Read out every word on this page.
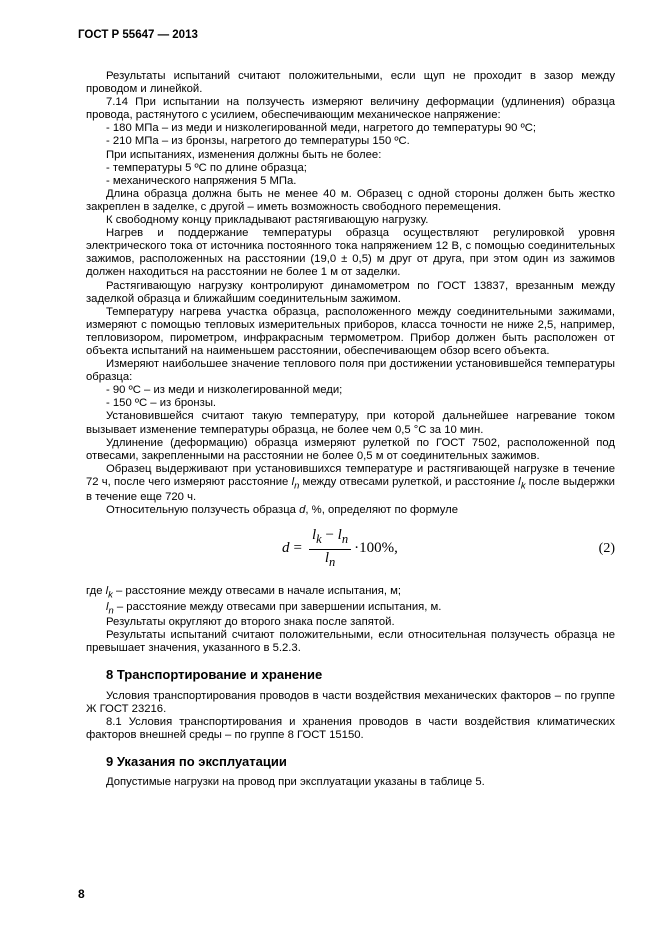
ГОСТ Р 55647 — 2013

Результаты испытаний считают положительными, если щуп не проходит в зазор между проводом и линейкой.

7.14 При испытании на ползучесть измеряют величину деформации (удлинения) образца провода, растянутого с усилием, обеспечивающим механическое напряжение:

- 180 МПа – из меди и низколегированной меди, нагретого до температуры 90 ºС;

- 210 МПа – из бронзы, нагретого до температуры 150 ºС.

При испытаниях, изменения должны быть не более:

- температуры 5 ºС по длине образца;

- механического напряжения 5 МПа.

Длина образца должна быть не менее 40 м. Образец с одной стороны должен быть жестко закреплен в заделке, с другой – иметь возможность свободного перемещения.

К свободному концу прикладывают растягивающую нагрузку.

Нагрев и поддержание температуры образца осуществляют регулировкой уровня электрического тока от источника постоянного тока напряжением 12 В, с помощью соединительных зажимов, расположенных на расстоянии (19,0 ± 0,5) м друг от друга, при этом один из зажимов должен находиться на расстоянии не более 1 м от заделки.

Растягивающую нагрузку контролируют динамометром по ГОСТ 13837, врезанным между заделкой образца и ближайшим соединительным зажимом.

Температуру нагрева участка образца, расположенного между соединительными зажимами, измеряют с помощью тепловых измерительных приборов, класса точности не ниже 2,5, например, тепловизором, пирометром, инфракрасным термометром. Прибор должен быть расположен от объекта испытаний на наименьшем расстоянии, обеспечивающем обзор всего объекта.

Измеряют наибольшее значение теплового поля при достижении установившейся температуры образца:

- 90 ºС – из меди и низколегированной меди;

- 150 ºС – из бронзы.

Установившейся считают такую температуру, при которой дальнейшее нагревание током вызывает изменение температуры образца, не более чем 0,5 °С за 10 мин.

Удлинение (деформацию) образца измеряют рулеткой по ГОСТ 7502, расположенной под отвесами, закрепленными на расстоянии не более 0,5 м от соединительных зажимов.

Образец выдерживают при установившихся температуре и растягивающей нагрузке в течение 72 ч, после чего измеряют расстояние $l_n$ между отвесами рулеткой, и расстояние $l_k$ после выдержки в течение еще 720 ч.

Относительную ползучесть образца d, %, определяют по формуле

$d = \frac{l_k - l_n}{l_n} \cdot 100\%$,	(2)

где $l_k$ – расстояние между отвесами в начале испытания, м;

$l_n$ – расстояние между отвесами при завершении испытания, м.

Результаты округляют до второго знака после запятой.

Результаты испытаний считают положительными, если относительная ползучесть образца не превышает значения, указанного в 5.2.3.

8 Транспортирование и хранение

Условия транспортирования проводов в части воздействия механических факторов – по группе Ж ГОСТ 23216.

8.1 Условия транспортирования и хранения проводов в части воздействия климатических факторов внешней среды – по группе 8 ГОСТ 15150.

9 Указания по эксплуатации

Допустимые нагрузки на провод при эксплуатации указаны в таблице 5.

8
